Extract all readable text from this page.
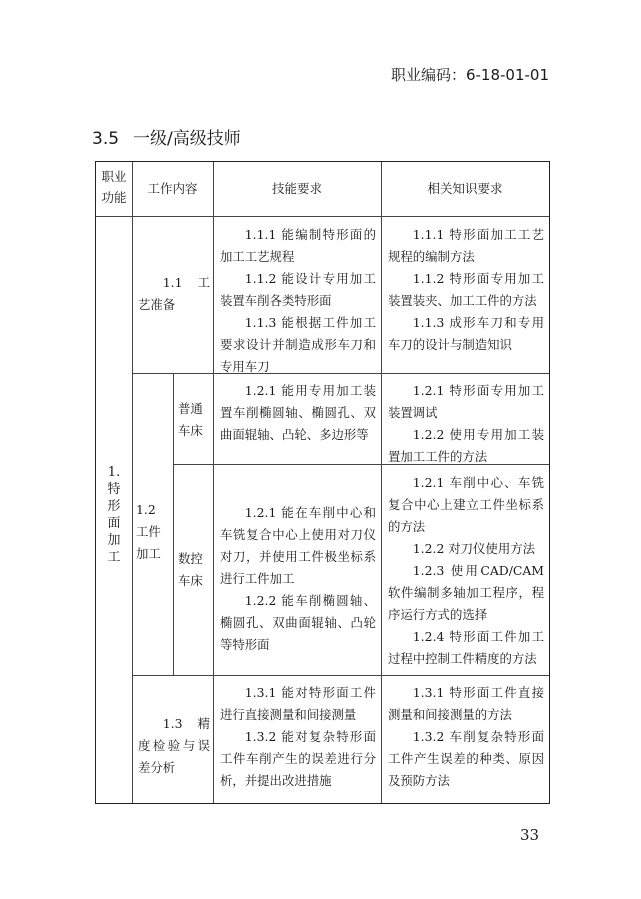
职业编码：6-18-01-01
3.5 一级/高级技师
职业功能
工作内容	技能要求	相关知识要求
1.
特
形
面
加
工

1.1 工艺准备

1.1.1 能编制特形面的加工工艺规程

1.1.2 能设计专用加工装置车削各类特形面

1.1.3 能根据工件加工要求设计并制造成形车刀和专用车刀

1.1.1 特形面加工工艺规程的编制方法

1.1.2 特形面专用加工装置装夹、加工工件的方法

1.1.3 成形车刀和专用车刀的设计与制造知识

1.2 工件加工
普通车床

1.2.1 能用专用加工装置车削椭圆轴、椭圆孔、双曲面辊轴、凸轮、多边形等

1.2.1 特形面专用加工装置调试

1.2.2 使用专用加工装置加工工件的方法

数控车床

1.2.1 能在车削中心和车铣复合中心上使用对刀仪对刀，并使用工件极坐标系进行工件加工

1.2.2 能车削椭圆轴、椭圆孔、双曲面辊轴、凸轮等特形面

1.2.1 车削中心、车铣复合中心上建立工件坐标系的方法

1.2.2 对刀仪使用方法

1.2.3 使用CAD/CAM软件编制多轴加工程序，程序运行方式的选择

1.2.4 特形面工件加工过程中控制工件精度的方法

1.3 精度检验与误差分析

1.3.1 能对特形面工件进行直接测量和间接测量

1.3.2 能对复杂特形面工件车削产生的误差进行分析，并提出改进措施

1.3.1 特形面工件直接测量和间接测量的方法

1.3.2 车削复杂特形面工件产生误差的种类、原因及预防方法

33
